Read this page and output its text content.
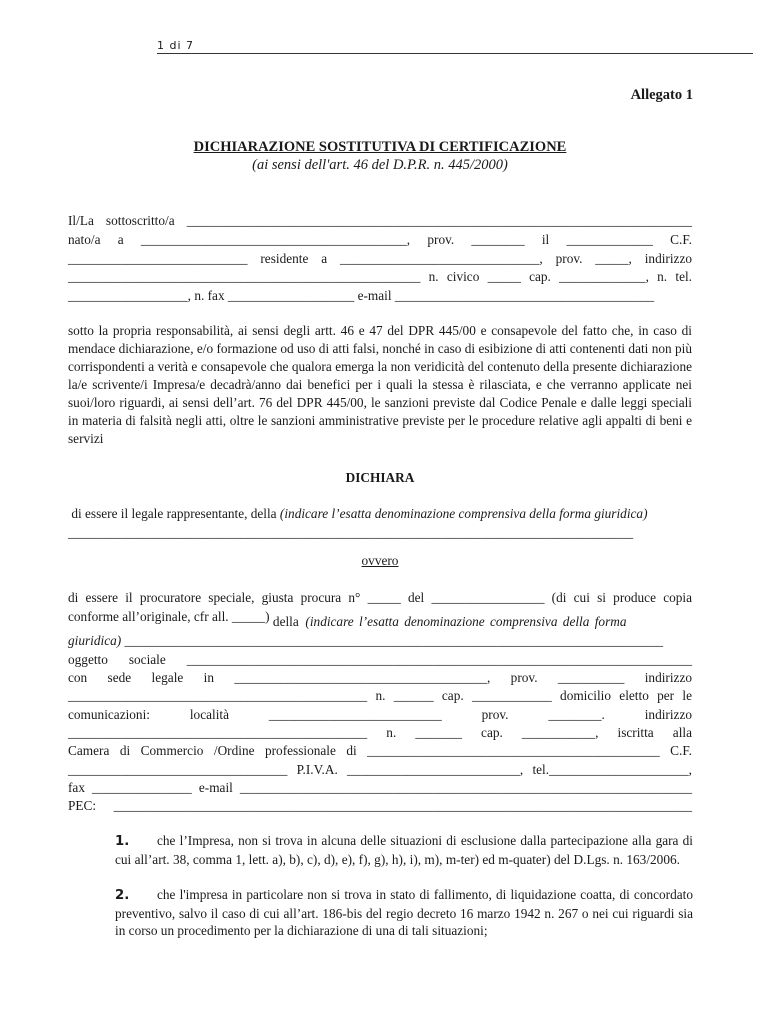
1 di 7
Allegato 1
DICHIARAZIONE SOSTITUTIVA DI CERTIFICAZIONE
(ai sensi dell'art. 46 del D.P.R. n. 445/2000)
Il/La sottoscritto/a ____________________________________________________________________________
nato/a a ________________________________________, prov. ________ il _____________ C.F.
___________________________ residente a ______________________________, prov. _____, indirizzo
_____________________________________________________ n. civico _____ cap. _____________, n. tel.
__________________, n. fax ___________________ e-mail _______________________________________
sotto la propria responsabilità, ai sensi degli artt. 46 e 47 del DPR 445/00 e consapevole del fatto che, in caso di mendace dichiarazione, e/o formazione od uso di atti falsi, nonché in caso di esibizione di atti contenenti dati non più corrispondenti a verità e consapevole che qualora emerga la non veridicità del contenuto della presente dichiarazione la/e scrivente/i Impresa/e decadrà/anno dai benefici per i quali la stessa è rilasciata, e che verranno applicate nei suoi/loro riguardi, ai sensi dell’art. 76 del DPR 445/00, le sanzioni previste dal Codice Penale e dalle leggi speciali in materia di falsità negli atti, oltre le sanzioni amministrative previste per le procedure relative agli appalti di beni e servizi
DICHIARA
di essere il legale rappresentante, della (indicare l’esatta denominazione comprensiva della forma giuridica)
_____________________________________________________________________________________
ovvero
di essere il procuratore speciale, giusta procura n° _____ del _________________ (di cui si produce copia
conforme all’originale, cfr all. _____) della  (indicare l’esatta denominazione comprensiva della forma
giuridica) _________________________________________________________________________________
oggetto sociale ____________________________________________________________________________
con sede legale in ______________________________________, prov. __________ indirizzo
_____________________________________________ n. ______ cap. ____________ domicilio eletto per le
comunicazioni: località __________________________ prov. ________. indirizzo
_____________________________________________ n. _______ cap. ___________, iscritta alla
Camera di Commercio /Ordine professionale di ____________________________________________ C.F.
_________________________________ P.I.V.A. __________________________, tel._____________________,
fax _______________ e-mail ____________________________________________________________________
PEC: _______________________________________________________________________________________
1. che l’Impresa, non si trova in alcuna delle situazioni di esclusione dalla partecipazione alla gara di cui all’art. 38, comma 1, lett. a), b), c), d), e), f), g), h), i), m), m-ter) ed m-quater) del D.Lgs. n. 163/2006.
2. che l'impresa in particolare non si trova in stato di fallimento, di liquidazione coatta, di concordato preventivo, salvo il caso di cui all’art. 186-bis del regio decreto 16 marzo 1942 n. 267 o nei cui riguardi sia in corso un procedimento per la dichiarazione di una di tali situazioni;
